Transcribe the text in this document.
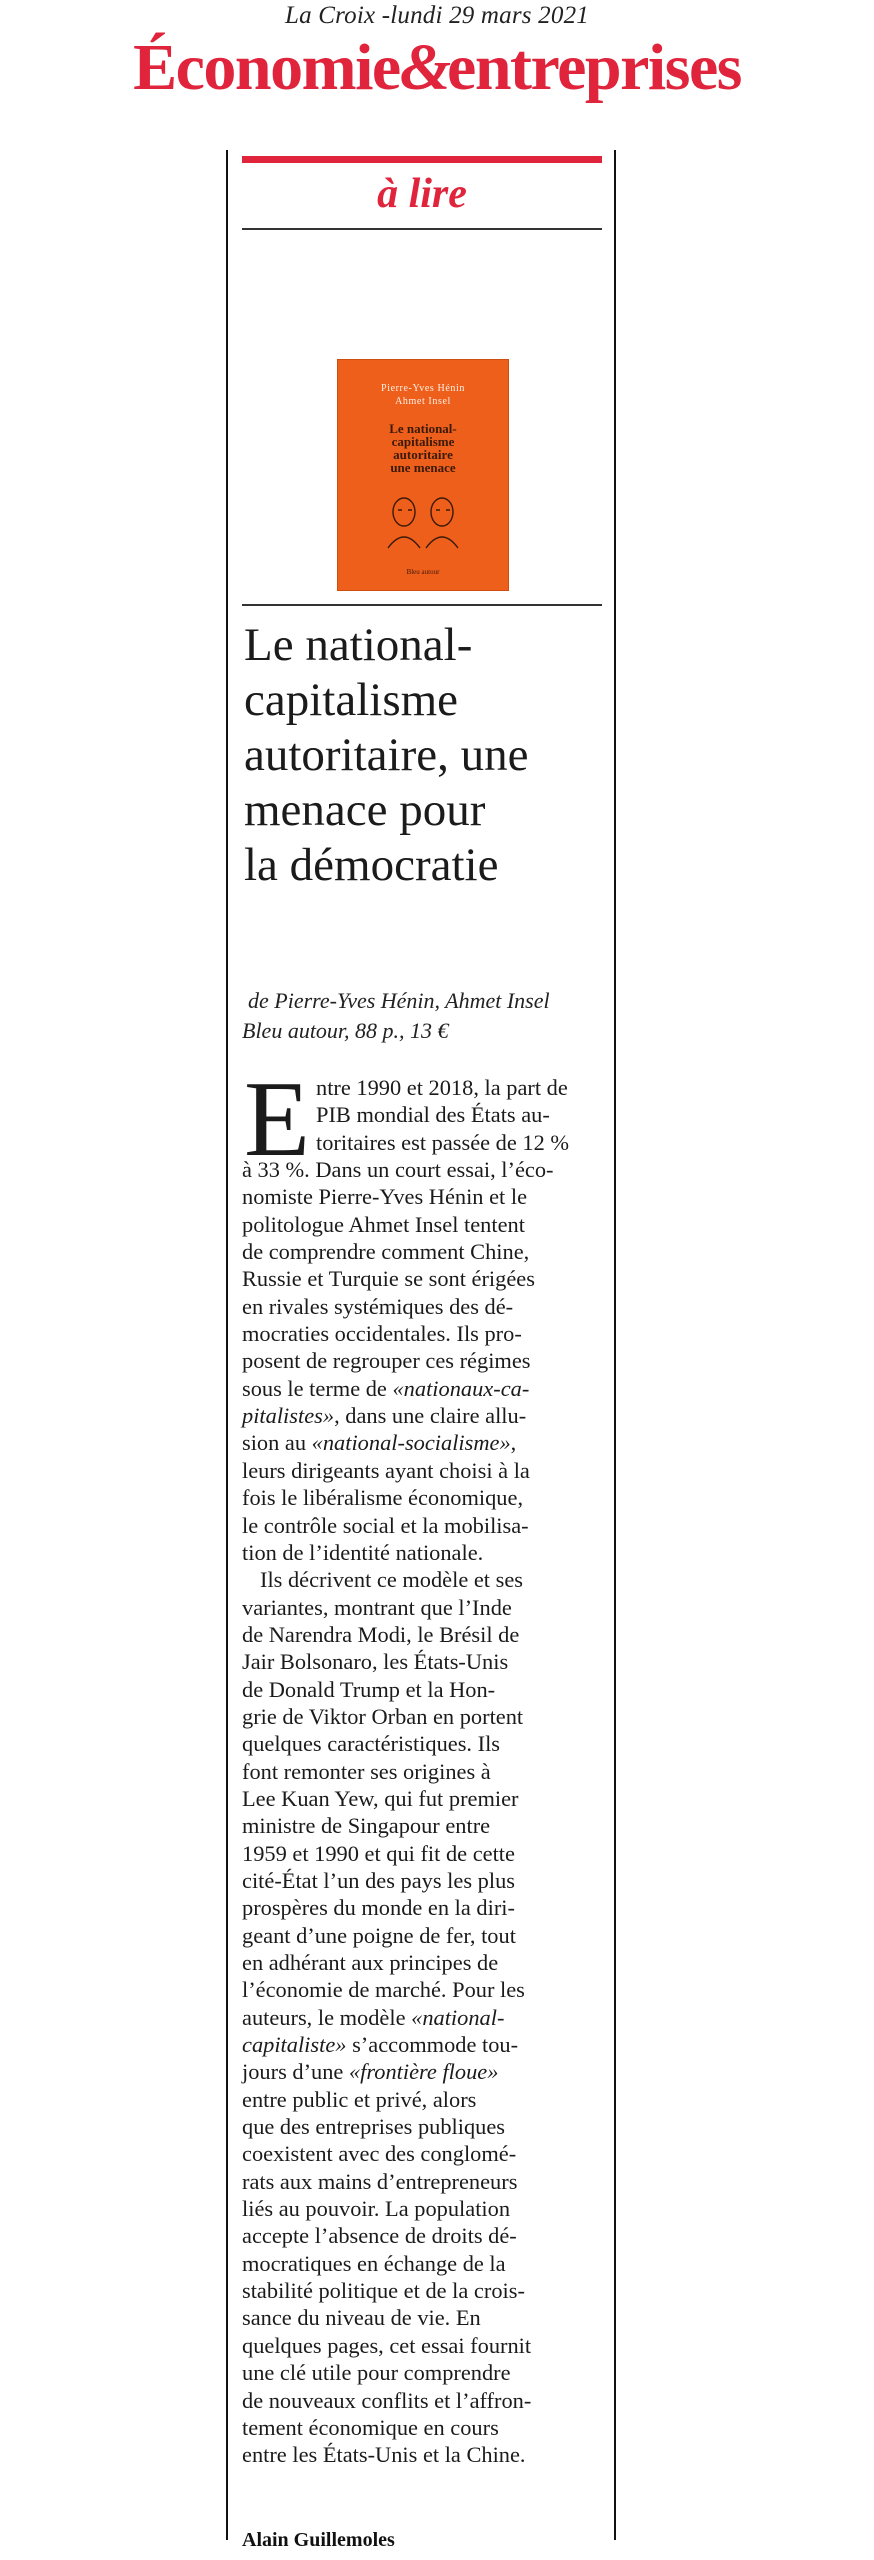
La Croix -lundi 29 mars 2021
Économie&entreprises
à lire
Pierre-Yves Hénin
Ahmet Insel
Le national-
capitalisme
autoritaire
une menace
Bleu autour
Le national-
capitalisme
autoritaire, une
menace pour
la démocratie
de Pierre-Yves Hénin, Ahmet Insel
Bleu autour, 88 p., 13 €
E ntre 1990 et 2018, la part de
PIB mondial des États au-
toritaires est passée de 12 %
à 33 %. Dans un court essai, l’éco-
nomiste Pierre-Yves Hénin et le
politologue Ahmet Insel tentent
de comprendre comment Chine,
Russie et Turquie se sont érigées
en rivales systémiques des dé-
mocraties occidentales. Ils pro-
posent de regrouper ces régimes
sous le terme de «nationaux-ca-
pitalistes», dans une claire allu-
sion au «national-socialisme»,
leurs dirigeants ayant choisi à la
fois le libéralisme économique,
le contrôle social et la mobilisa-
tion de l’identité nationale.
Ils décrivent ce modèle et ses
variantes, montrant que l’Inde
de Narendra Modi, le Brésil de
Jair Bolsonaro, les États-Unis
de Donald Trump et la Hon-
grie de Viktor Orban en portent
quelques caractéristiques. Ils
font remonter ses origines à
Lee Kuan Yew, qui fut premier
ministre de Singapour entre
1959 et 1990 et qui fit de cette
cité-État l’un des pays les plus
prospères du monde en la diri-
geant d’une poigne de fer, tout
en adhérant aux principes de
l’économie de marché. Pour les
auteurs, le modèle «national-
capitaliste» s’accommode tou-
jours d’une «frontière floue»
entre public et privé, alors
que des entreprises publiques
coexistent avec des conglomé-
rats aux mains d’entrepreneurs
liés au pouvoir. La population
accepte l’absence de droits dé-
mocratiques en échange de la
stabilité politique et de la crois-
sance du niveau de vie. En
quelques pages, cet essai fournit
une clé utile pour comprendre
de nouveaux conflits et l’affron-
tement économique en cours
entre les États-Unis et la Chine.
Alain Guillemoles
